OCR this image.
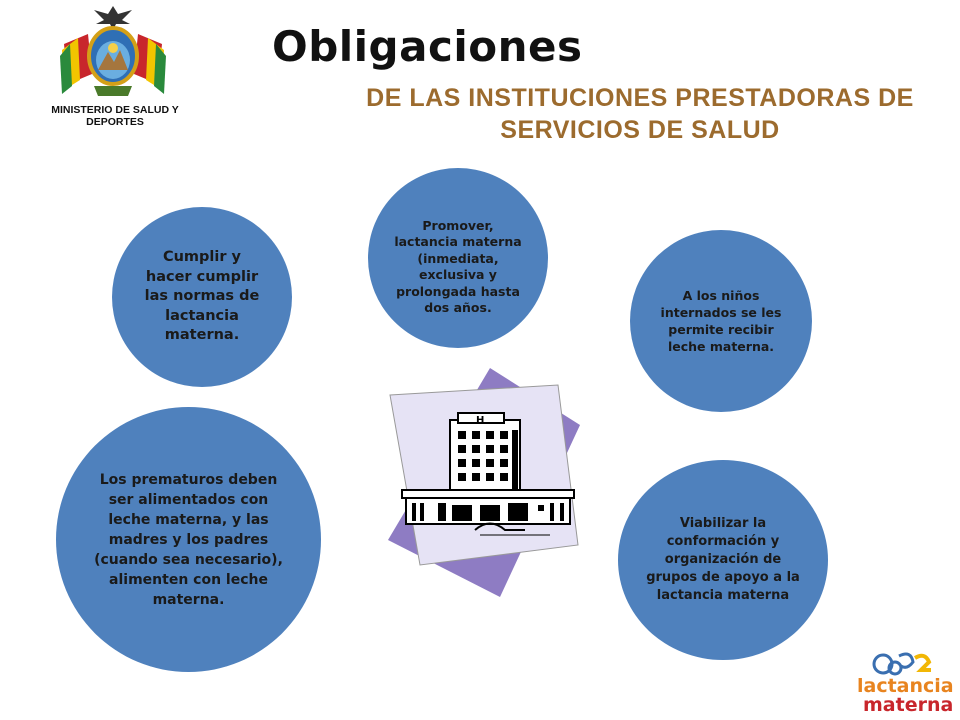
MINISTERIO DE SALUD Y DEPORTES
Obligaciones
DE LAS INSTITUCIONES PRESTADORAS DE SERVICIOS DE SALUD
Cumplir y hacer cumplir las normas de lactancia materna.
Promover, lactancia materna (inmediata, exclusiva y prolongada hasta dos años.
A los niños internados se les permite recibir leche materna.
Los prematuros deben ser alimentados con leche materna, y las madres y los padres (cuando sea necesario), alimenten con leche materna.
Viabilizar la conformación y organización de grupos de apoyo a la lactancia materna
H
lactancia
materna
